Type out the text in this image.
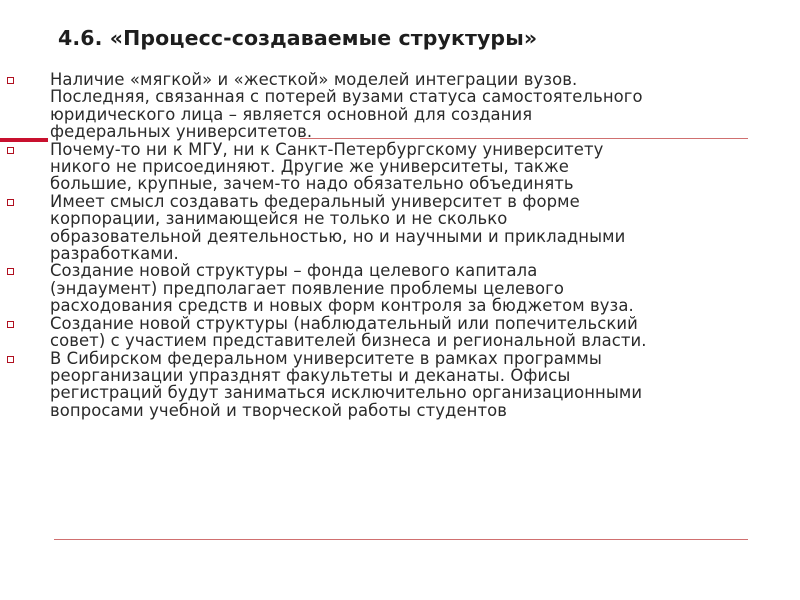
4.6. «Процесс-создаваемые структуры»
Наличие «мягкой» и «жесткой» моделей интеграции вузов.
Последняя, связанная с потерей вузами статуса самостоятельного
юридического лица – является основной для создания
федеральных университетов.
Почему-то ни к МГУ, ни к Санкт-Петербургскому университету
никого не присоединяют. Другие же университеты, также
большие, крупные, зачем-то надо обязательно объединять
Имеет смысл создавать федеральный университет в форме
корпорации, занимающейся не только и не сколько
образовательной деятельностью, но и научными и прикладными
разработками.
Создание новой структуры – фонда целевого капитала
(эндаумент) предполагает появление проблемы целевого
расходования средств и новых форм контроля за бюджетом вуза.
Создание новой структуры (наблюдательный или попечительский
совет) с участием представителей бизнеса и региональной власти.
В Сибирском федеральном университете в рамках программы
реорганизации упразднят факультеты и деканаты. Офисы
регистраций будут заниматься исключительно организационными
вопросами учебной и творческой работы студентов
